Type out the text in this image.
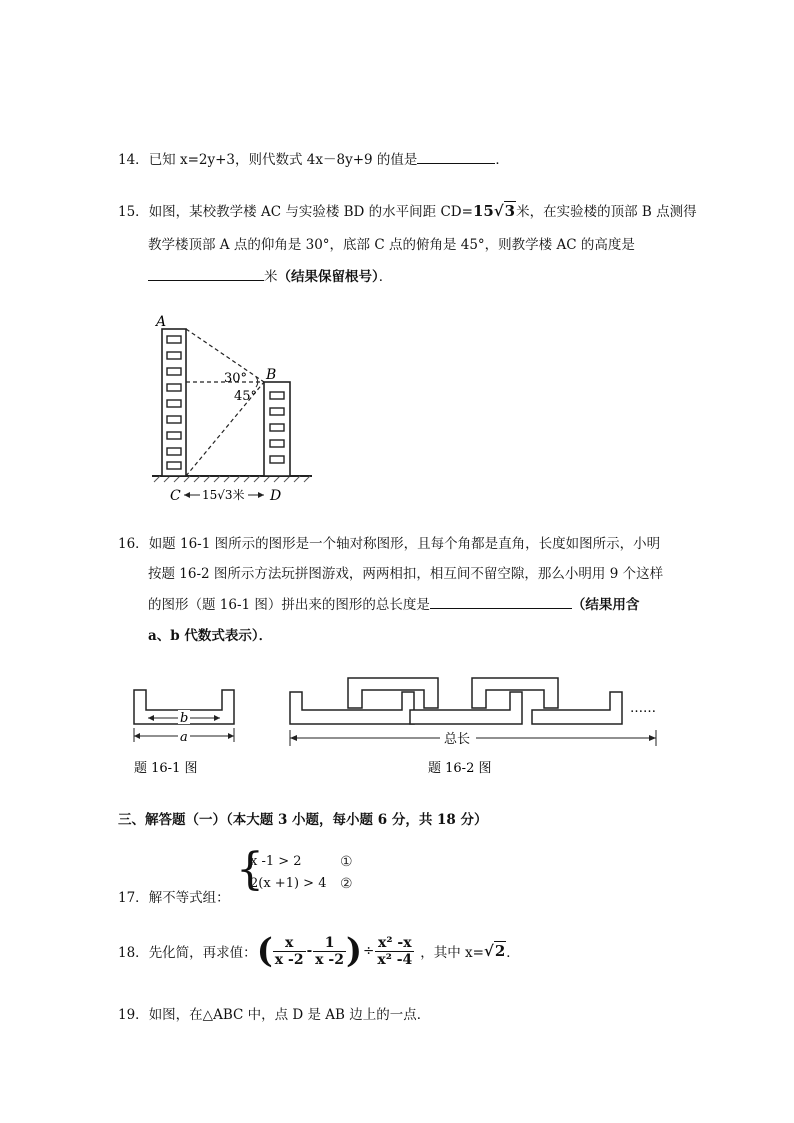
14．已知 x=2y+3，则代数式 4x－8y+9 的值是	．
15．如图，某校教学楼 AC 与实验楼 BD 的水平间距 CD=15√3米，在实验楼的顶部 B 点测得
教学楼顶部 A 点的仰角是 30°，底部 C 点的俯角是 45°，则教学楼 AC 的高度是
米（结果保留根号）．
A
B
30°
45°
C	D
15√3米
16．如题 16-1 图所示的图形是一个轴对称图形，且每个角都是直角，长度如图所示，小明
按题 16-2 图所示方法玩拼图游戏，两两相扣，相互间不留空隙，那么小明用 9 个这样
的图形（题 16-1 图）拼出来的图形的总长度是	（结果用含
a、b 代数式表示）．
b
a
题 16-1 图
……
总长
题 16-2 图
三、解答题（一）（本大题 3 小题，每小题 6 分，共 18 分）
17．解不等式组：
{
x -1 > 2
2(x +1) > 4
①
②
18． 先化简，再求值： ( $\frac{x}{x -2} - \frac{1}{x -2}$ ) ÷ $\frac{\text{x² -x}}{\text{x² -4}}$ ，其中 x= √2 ．
19．如图，在△ABC 中，点 D 是 AB 边上的一点．
